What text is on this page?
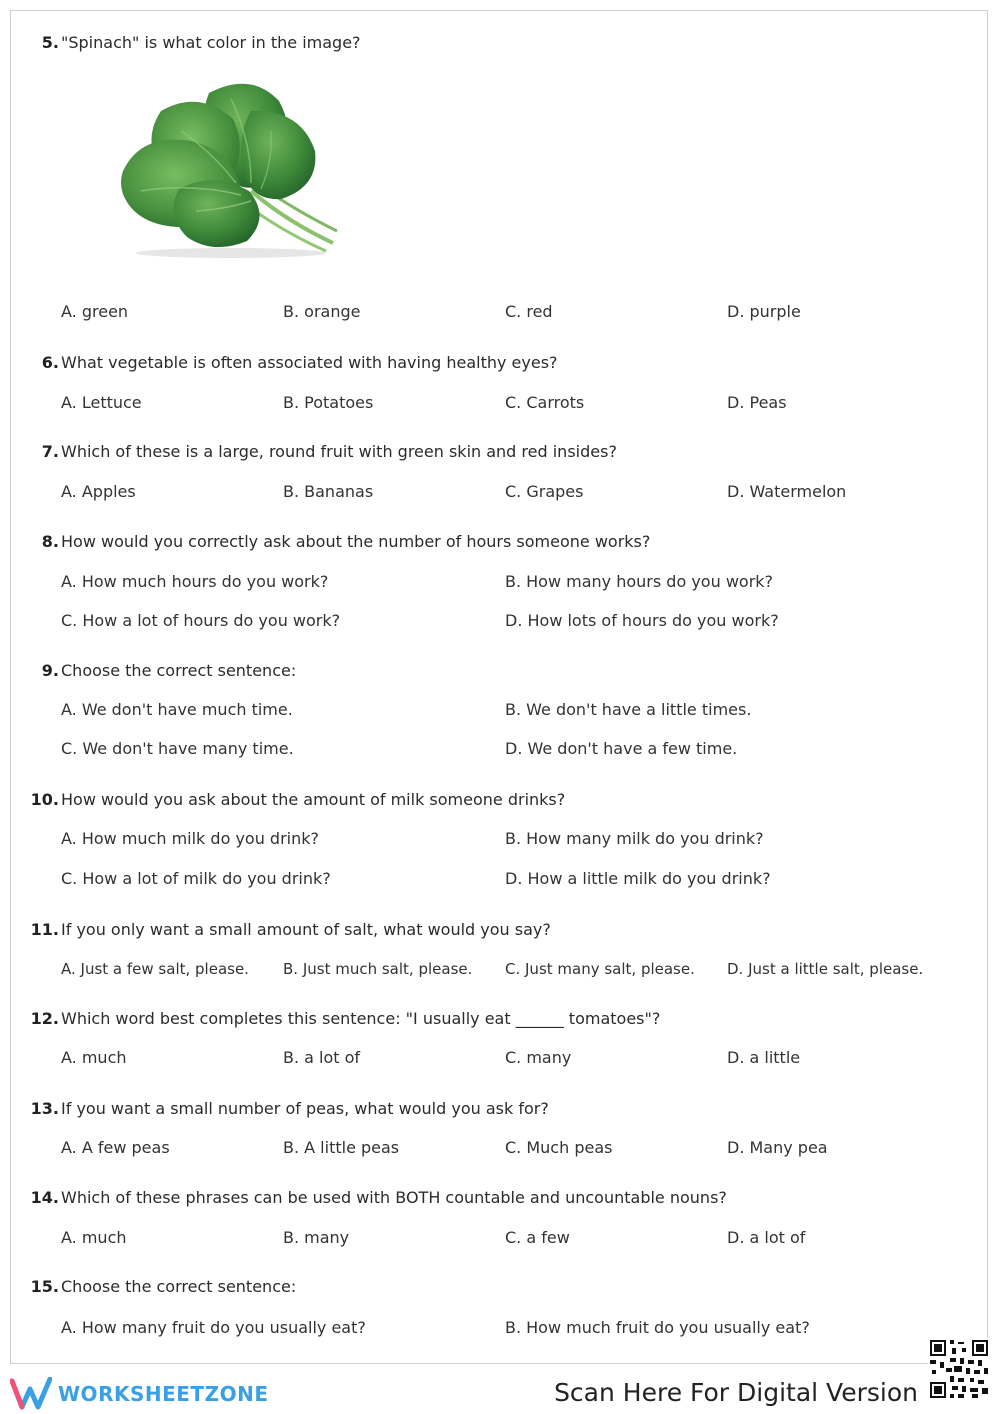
5. "Spinach" is what color in the image?
A. green	B. orange	C. red	D. purple
6. What vegetable is often associated with having healthy eyes?
A. Lettuce	B. Potatoes	C. Carrots	D. Peas
7. Which of these is a large, round fruit with green skin and red insides?
A. Apples	B. Bananas	C. Grapes	D. Watermelon
8. How would you correctly ask about the number of hours someone works?
A. How much hours do you work?	B. How many hours do you work?
C. How a lot of hours do you work?	D. How lots of hours do you work?
9. Choose the correct sentence:
A. We don't have much time.	B. We don't have a little times.
C. We don't have many time.	D. We don't have a few time.
10. How would you ask about the amount of milk someone drinks?
A. How much milk do you drink?	B. How many milk do you drink?
C. How a lot of milk do you drink?	D. How a little milk do you drink?
11. If you only want a small amount of salt, what would you say?
A. Just a few salt, please. B. Just much salt, please. C. Just many salt, please. D. Just a little salt, please.
12. Which word best completes this sentence: "I usually eat ______ tomatoes"?
A. much	B. a lot of	C. many	D. a little
13. If you want a small number of peas, what would you ask for?
A. A few peas	B. A little peas	C. Much peas	D. Many pea
14. Which of these phrases can be used with BOTH countable and uncountable nouns?
A. much	B. many	C. a few	D. a lot of
15. Choose the correct sentence:
A. How many fruit do you usually eat?	B. How much fruit do you usually eat?
WORKSHEETZONE	Scan Here For Digital Version
